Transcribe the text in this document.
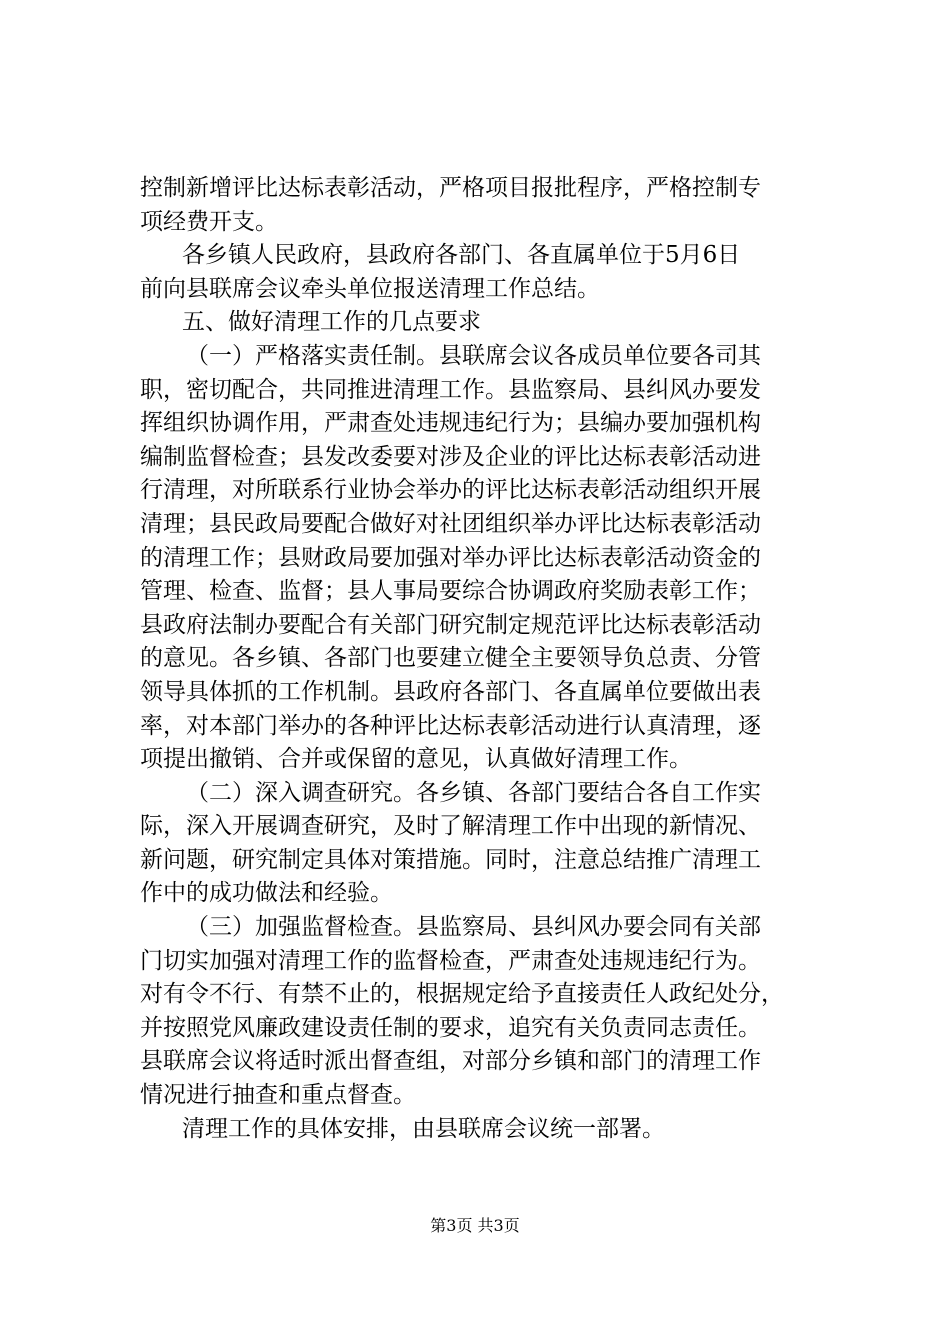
控制新增评比达标表彰活动，严格项目报批程序，严格控制专
项经费开支。
各乡镇人民政府，县政府各部门、各直属单位于5月6日
前向县联席会议牵头单位报送清理工作总结。
五、做好清理工作的几点要求
（一）严格落实责任制。县联席会议各成员单位要各司其
职，密切配合，共同推进清理工作。县监察局、县纠风办要发
挥组织协调作用，严肃查处违规违纪行为；县编办要加强机构
编制监督检查；县发改委要对涉及企业的评比达标表彰活动进
行清理，对所联系行业协会举办的评比达标表彰活动组织开展
清理；县民政局要配合做好对社团组织举办评比达标表彰活动
的清理工作；县财政局要加强对举办评比达标表彰活动资金的
管理、检查、监督；县人事局要综合协调政府奖励表彰工作；
县政府法制办要配合有关部门研究制定规范评比达标表彰活动
的意见。各乡镇、各部门也要建立健全主要领导负总责、分管
领导具体抓的工作机制。县政府各部门、各直属单位要做出表
率，对本部门举办的各种评比达标表彰活动进行认真清理，逐
项提出撤销、合并或保留的意见，认真做好清理工作。
（二）深入调查研究。各乡镇、各部门要结合各自工作实
际，深入开展调查研究，及时了解清理工作中出现的新情况、
新问题，研究制定具体对策措施。同时，注意总结推广清理工
作中的成功做法和经验。
（三）加强监督检查。县监察局、县纠风办要会同有关部
门切实加强对清理工作的监督检查，严肃查处违规违纪行为。
对有令不行、有禁不止的，根据规定给予直接责任人政纪处分，
并按照党风廉政建设责任制的要求，追究有关负责同志责任。
县联席会议将适时派出督查组，对部分乡镇和部门的清理工作
情况进行抽查和重点督查。
清理工作的具体安排，由县联席会议统一部署。
第3页 共3页
